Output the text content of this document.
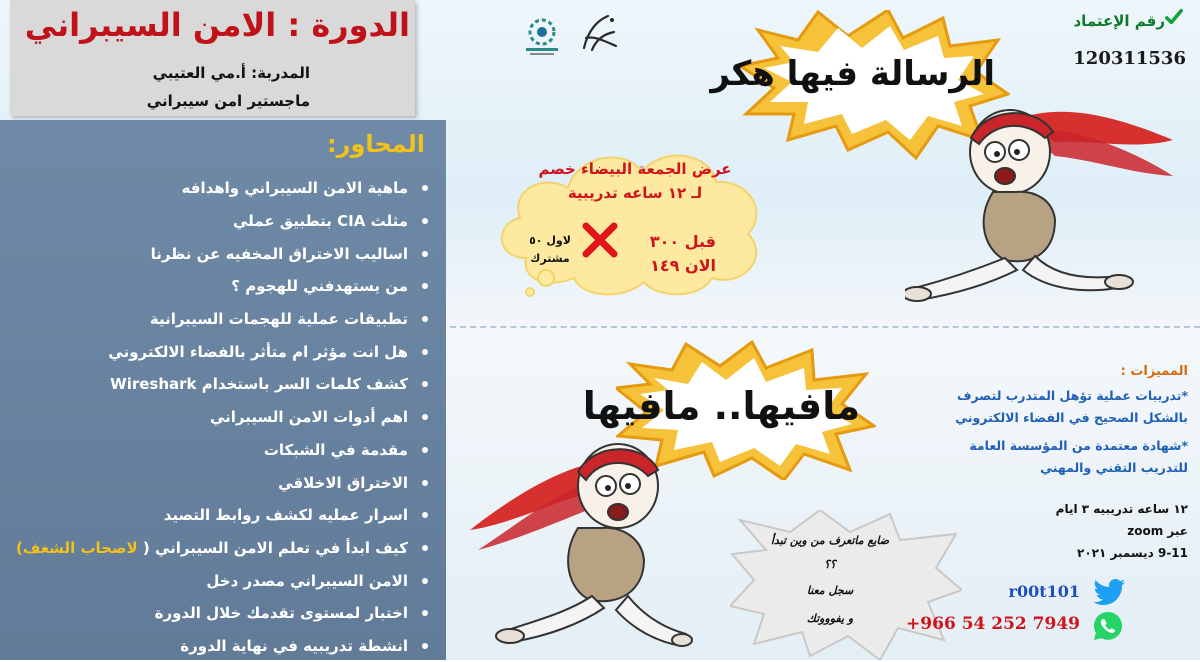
الدورة : الامن السيبراني
المدربة: أ.مي العتيبي
ماجستير امن سيبراني
المحاور:
ماهية الامن السيبراني واهدافه
مثلث CIA بتطبيق عملي
اساليب الاختراق المخفيه عن نظرنا
من يستهدفني للهجوم ؟
تطبيقات عملية للهجمات السيبرانية
هل انت مؤثر ام متأثر بالفضاء الالكتروني
كشف كلمات السر باستخدام Wireshark
اهم أدوات الامن السيبراني
مقدمة في الشبكات
الاختراق الاخلاقي
اسرار عمليه لكشف روابط التصيد
كيف ابدأ في تعلم الامن السيبراني ( لاصحاب الشغف)
الامن السيبراني مصدر دخل
اختبار لمستوى تقدمك خلال الدورة
انشطة تدريبيه في نهاية الدورة
رقم الإعتماد
120311536
الرسالة فيها هكر
عرض الجمعة البيضاء خصم
لـ ١٢ ساعه تدريبية
قبل ٣٠٠
الان ١٤٩
لاول ٥٠
مشترك
مافيها.. مافيها
المميزات :
*تدريبات عملية تؤهل المتدرب لتصرف
بالشكل الصحيح في الفضاء الالكتروني
*شهادة معتمدة من المؤسسة العامة
للتدريب التقني والمهني
١٢ ساعه تدريبيه ٣ ايام
عبر zoom
9-11 ديسمبر ٢٠٢١
ضايع ماتعرف من وين تبدأ
؟؟
سجل معنا
و يفوووتك
r00t101
+966 54 252 7949
